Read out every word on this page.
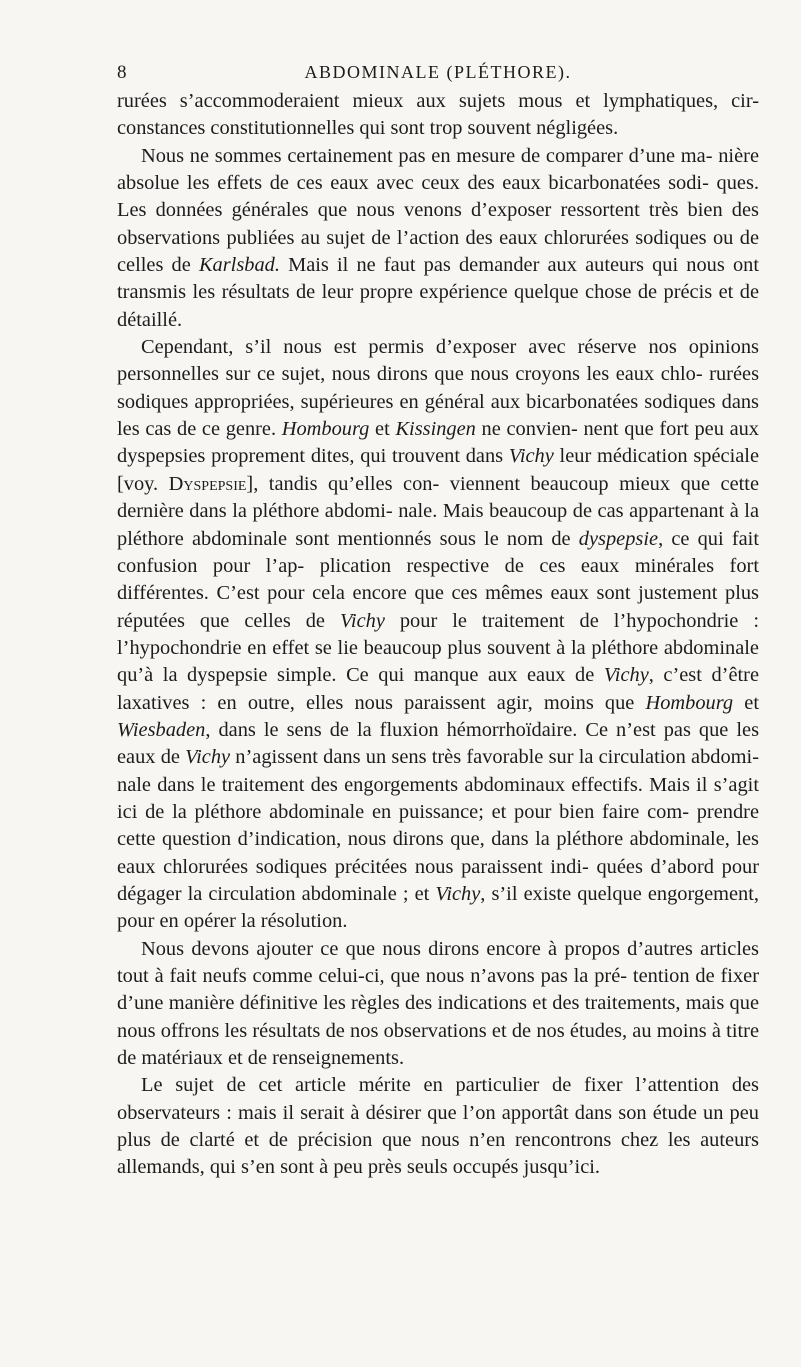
8	ABDOMINALE (PLÉTHORE).

rurées s’accommoderaient mieux aux sujets mous et lymphatiques, cir- constances constitutionnelles qui sont trop souvent négligées.

Nous ne sommes certainement pas en mesure de comparer d’une ma- nière absolue les effets de ces eaux avec ceux des eaux bicarbonatées sodi- ques. Les données générales que nous venons d’exposer ressortent très bien des observations publiées au sujet de l’action des eaux chlorurées sodiques ou de celles de Karlsbad. Mais il ne faut pas demander aux auteurs qui nous ont transmis les résultats de leur propre expérience quelque chose de précis et de détaillé.

Cependant, s’il nous est permis d’exposer avec réserve nos opinions personnelles sur ce sujet, nous dirons que nous croyons les eaux chlo- rurées sodiques appropriées, supérieures en général aux bicarbonatées sodiques dans les cas de ce genre. Hombourg et Kissingen ne convien- nent que fort peu aux dyspepsies proprement dites, qui trouvent dans Vichy leur médication spéciale [voy. Dyspepsie], tandis qu’elles con- viennent beaucoup mieux que cette dernière dans la pléthore abdomi- nale. Mais beaucoup de cas appartenant à la pléthore abdominale sont mentionnés sous le nom de dyspepsie, ce qui fait confusion pour l’ap- plication respective de ces eaux minérales fort différentes. C’est pour cela encore que ces mêmes eaux sont justement plus réputées que celles de Vichy pour le traitement de l’hypochondrie : l’hypochondrie en effet se lie beaucoup plus souvent à la pléthore abdominale qu’à la dyspepsie simple. Ce qui manque aux eaux de Vichy, c’est d’être laxatives : en outre, elles nous paraissent agir, moins que Hombourg et Wiesbaden, dans le sens de la fluxion hémorrhoïdaire. Ce n’est pas que les eaux de Vichy n’agissent dans un sens très favorable sur la circulation abdomi- nale dans le traitement des engorgements abdominaux effectifs. Mais il s’agit ici de la pléthore abdominale en puissance; et pour bien faire com- prendre cette question d’indication, nous dirons que, dans la pléthore abdominale, les eaux chlorurées sodiques précitées nous paraissent indi- quées d’abord pour dégager la circulation abdominale ; et Vichy, s’il existe quelque engorgement, pour en opérer la résolution.

Nous devons ajouter ce que nous dirons encore à propos d’autres articles tout à fait neufs comme celui-ci, que nous n’avons pas la pré- tention de fixer d’une manière définitive les règles des indications et des traitements, mais que nous offrons les résultats de nos observations et de nos études, au moins à titre de matériaux et de renseignements.

Le sujet de cet article mérite en particulier de fixer l’attention des observateurs : mais il serait à désirer que l’on apportât dans son étude un peu plus de clarté et de précision que nous n’en rencontrons chez les auteurs allemands, qui s’en sont à peu près seuls occupés jusqu’ici.
